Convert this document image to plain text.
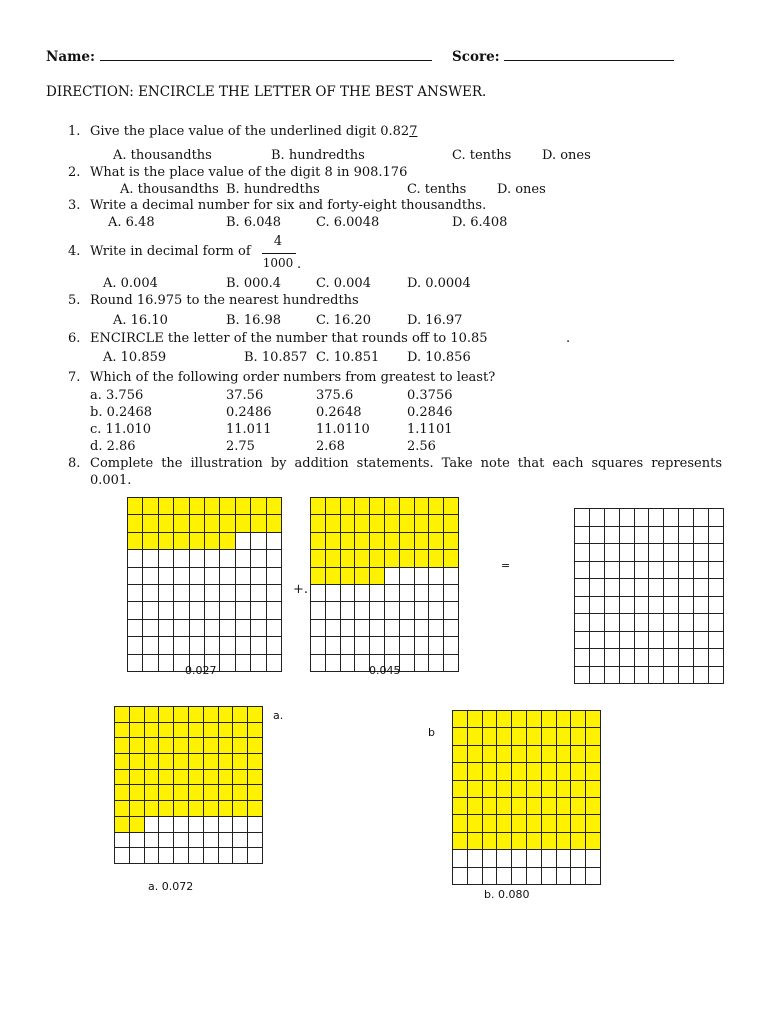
Name:	Score:
DIRECTION: ENCIRCLE THE LETTER OF THE BEST ANSWER.
1. Give the place value of the underlined digit 0.827
A. thousandths	B. hundredths	C. tenths D. ones
2. What is the place value of the digit 8 in 908.176
A. thousandths B. hundredths	C. tenths D. ones
3. Write a decimal number for six and forty-eight thousandths.
A. 6.48	B. 6.048	C. 6.0048	D. 6.408
4. Write in decimal form of
4
1000 .
A. 0.004	B. 000.4	C. 0.004	D. 0.0004
5. Round 16.975 to the nearest hundredths
A. 16.10	B. 16.98	C. 16.20	D. 16.97
6. ENCIRCLE the letter of the number that rounds off to 10.85	.
A. 10.859	B. 10.857 C. 10.851 D. 10.856
7. Which of the following order numbers from greatest to least?
a. 3.756	37.56	375.6	0.3756
b. 0.2468	0.2486	0.2648	0.2846
c. 11.010	11.011	11.0110	1.1101
d. 2.86	2.75	2.68	2.56
8. Complete the illustration by addition statements. Take note that each squares represents
0.001.
0.027
+.
0.045
=
a.
a. 0.072
b
b. 0.080
